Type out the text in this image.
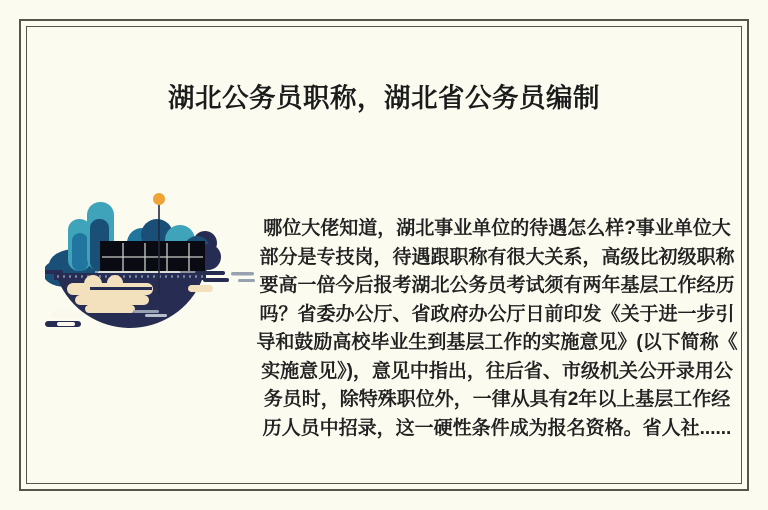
湖北公务员职称，湖北省公务员编制
哪位大佬知道，湖北事业单位的待遇怎么样?事业单位大
部分是专技岗，待遇跟职称有很大关系，高级比初级职称
要高一倍今后报考湖北公务员考试须有两年基层工作经历
吗？省委办公厅、省政府办公厅日前印发《关于进一步引
导和鼓励高校毕业生到基层工作的实施意见》(以下简称《
实施意见》)，意见中指出，往后省、市级机关公开录用公
务员时，除特殊职位外，一律从具有2年以上基层工作经
历人员中招录，这一硬性条件成为报名资格。省人社......
